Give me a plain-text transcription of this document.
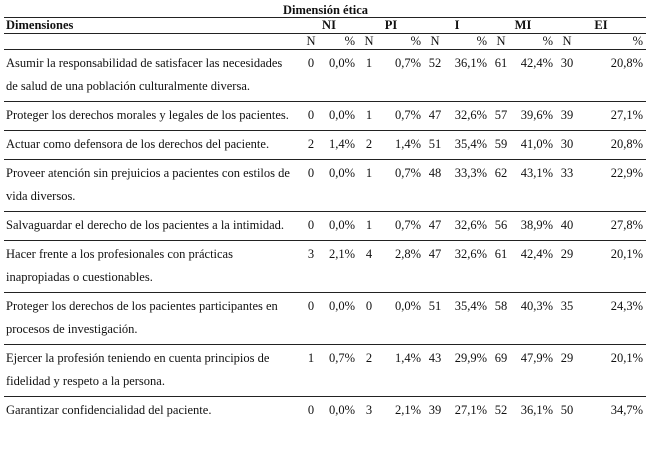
Dimensión ética
Dimensiones	NI		PI		I		MI		EI	
	N	%	N	%	N	%	N	%	N	%
Asumir la responsabilidad de satisfacer las necesidades de salud de una población culturalmente diversa.	0	0,0%	1	0,7%	52	36,1%	61	42,4%	30	20,8%
Proteger los derechos morales y legales de los pacientes.	0	0,0%	1	0,7%	47	32,6%	57	39,6%	39	27,1%
Actuar como defensora de los derechos del paciente.	2	1,4%	2	1,4%	51	35,4%	59	41,0%	30	20,8%
Proveer atención sin prejuicios a pacientes con estilos de vida diversos.	0	0,0%	1	0,7%	48	33,3%	62	43,1%	33	22,9%
Salvaguardar el derecho de los pacientes a la intimidad.	0	0,0%	1	0,7%	47	32,6%	56	38,9%	40	27,8%
Hacer frente a los profesionales con prácticas inapropiadas o cuestionables.	3	2,1%	4	2,8%	47	32,6%	61	42,4%	29	20,1%
Proteger los derechos de los pacientes participantes en procesos de investigación.	0	0,0%	0	0,0%	51	35,4%	58	40,3%	35	24,3%
Ejercer la profesión teniendo en cuenta principios de fidelidad y respeto a la persona.	1	0,7%	2	1,4%	43	29,9%	69	47,9%	29	20,1%
Garantizar confidencialidad del paciente.	0	0,0%	3	2,1%	39	27,1%	52	36,1%	50	34,7%
